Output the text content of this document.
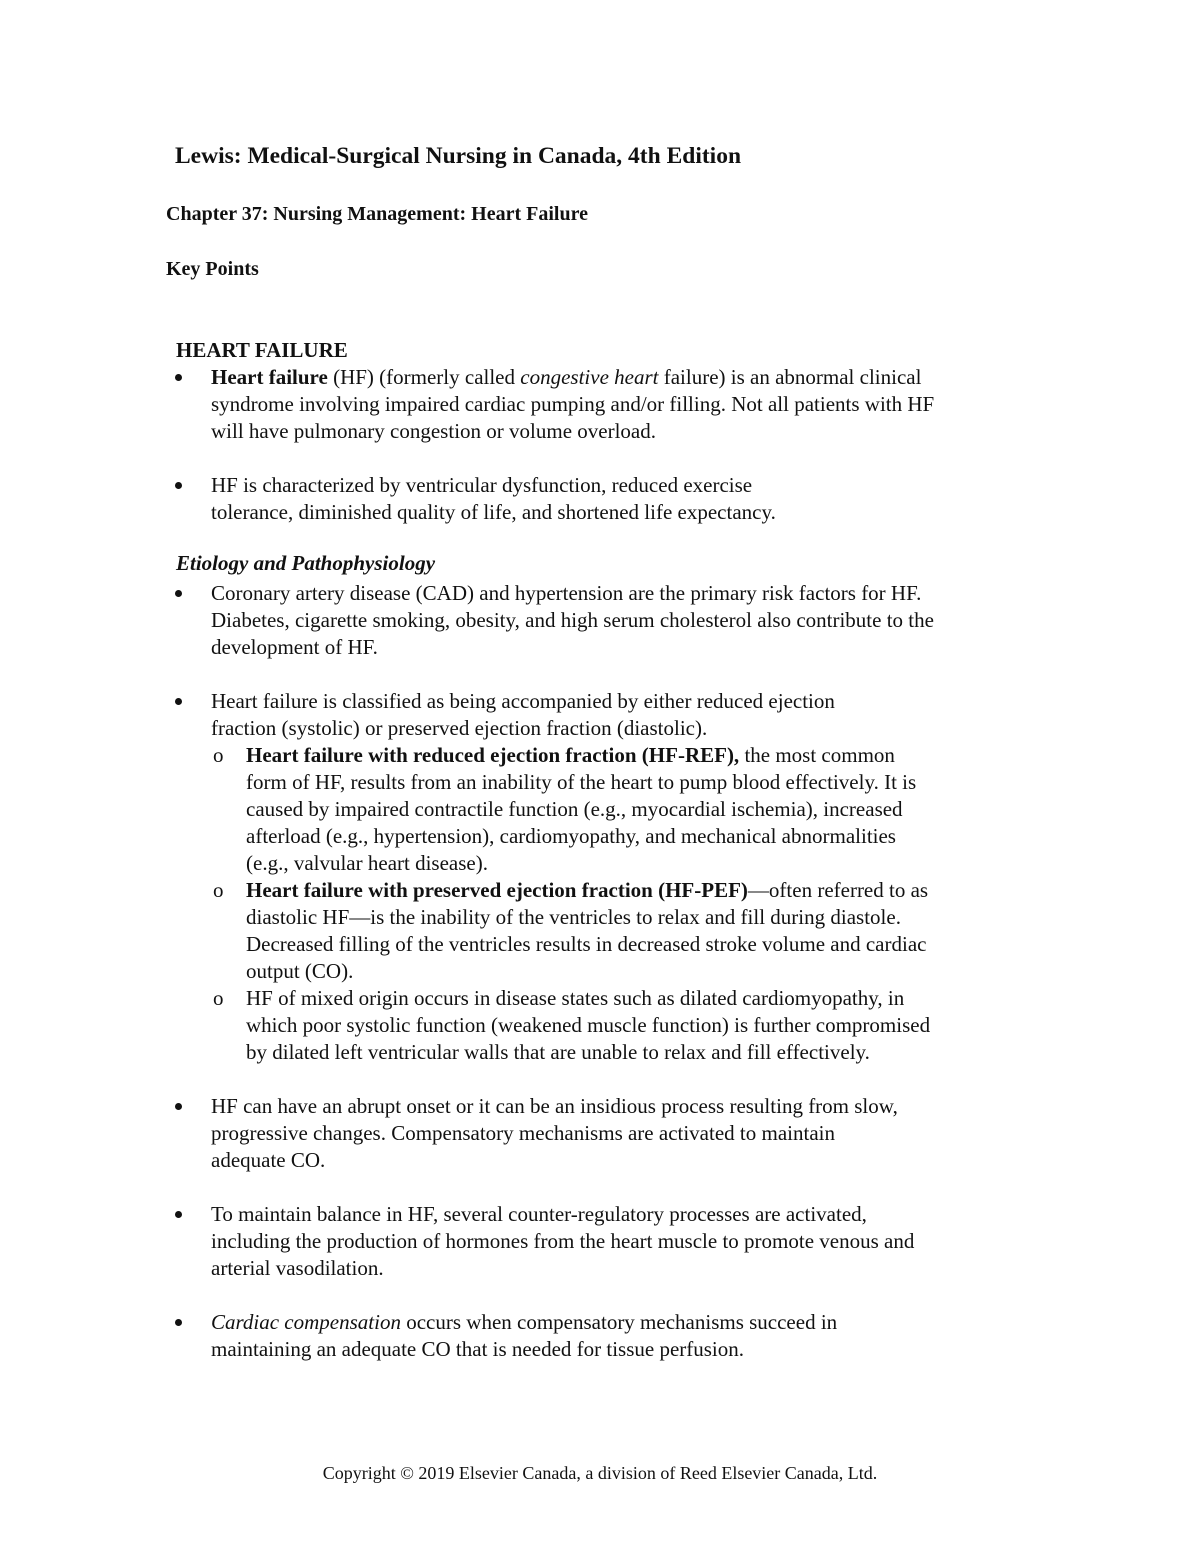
Lewis: Medical-Surgical Nursing in Canada, 4th Edition
Chapter 37: Nursing Management: Heart Failure
Key Points
HEART FAILURE
Heart failure (HF) (formerly called congestive heart failure) is an abnormal clinical
syndrome involving impaired cardiac pumping and/or filling. Not all patients with HF
will have pulmonary congestion or volume overload.
HF is characterized by ventricular dysfunction, reduced exercise
tolerance, diminished quality of life, and shortened life expectancy.
Etiology and Pathophysiology
Coronary artery disease (CAD) and hypertension are the primary risk factors for HF.
Diabetes, cigarette smoking, obesity, and high serum cholesterol also contribute to the
development of HF.
Heart failure is classified as being accompanied by either reduced ejection
fraction (systolic) or preserved ejection fraction (diastolic).
o Heart failure with reduced ejection fraction (HF-REF), the most common
form of HF, results from an inability of the heart to pump blood effectively. It is
caused by impaired contractile function (e.g., myocardial ischemia), increased
afterload (e.g., hypertension), cardiomyopathy, and mechanical abnormalities
(e.g., valvular heart disease).
o Heart failure with preserved ejection fraction (HF-PEF)—often referred to as
diastolic HF—is the inability of the ventricles to relax and fill during diastole.
Decreased filling of the ventricles results in decreased stroke volume and cardiac
output (CO).
o HF of mixed origin occurs in disease states such as dilated cardiomyopathy, in
which poor systolic function (weakened muscle function) is further compromised
by dilated left ventricular walls that are unable to relax and fill effectively.
HF can have an abrupt onset or it can be an insidious process resulting from slow,
progressive changes. Compensatory mechanisms are activated to maintain
adequate CO.
To maintain balance in HF, several counter-regulatory processes are activated,
including the production of hormones from the heart muscle to promote venous and
arterial vasodilation.
Cardiac compensation occurs when compensatory mechanisms succeed in
maintaining an adequate CO that is needed for tissue perfusion.
Copyright © 2019 Elsevier Canada, a division of Reed Elsevier Canada, Ltd.
